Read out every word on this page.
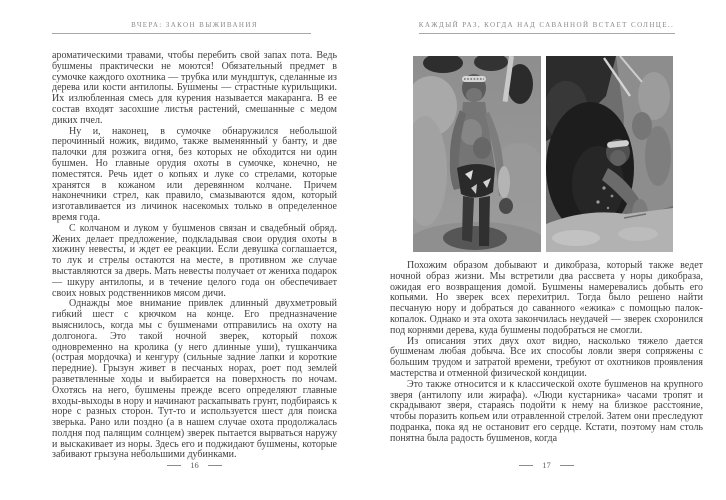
ВЧЕРА: ЗАКОН ВЫЖИВАНИЯ

ароматическими травами, чтобы перебить свой запах пота. Ведь бушмены практически не моются! Обязательный предмет в сумочке каждого охотника — трубка или мундштук, сделанные из дерева или кости антилопы. Бушмены — страстные курильщики. Их излюбленная смесь для курения называется макаранга. В ее состав входят засохшие листья растений, смешанные с медом диких пчел.

Ну и, наконец, в сумочке обнаружился небольшой перочинный ножик, видимо, также выменянный у банту, и две палочки для розжига огня, без которых не обходится ни один бушмен. Но главные орудия охоты в сумочке, конечно, не поместятся. Речь идет о копьях и луке со стрелами, которые хранятся в кожаном или деревянном колчане. Причем наконечники стрел, как правило, смазываются ядом, который изготавливается из личинок насекомых только в определенное время года.

С колчаном и луком у бушменов связан и свадебный обряд. Жених делает предложение, подкладывая свои орудия охоты в хижину невесты, и ждет ее реакции. Если девушка соглашается, то лук и стрелы остаются на месте, в противном же случае выставляются за дверь. Мать невесты получает от жениха подарок — шкуру антилопы, и в течение целого года он обеспечивает своих новых родственников мясом дичи.

Однажды мое внимание привлек длинный двухметровый гибкий шест с крючком на конце. Его предназначение выяснилось, когда мы с бушменами отправились на охоту на долгонога. Это такой ночной зверек, который похож одновременно на кролика (у него длинные уши), тушканчика (острая мордочка) и кенгуру (сильные задние лапки и короткие передние). Грызун живет в песчаных норах, роет под землей разветвленные ходы и выбирается на поверхность по ночам. Охотясь на него, бушмены прежде всего определяют главные входы-выходы в нору и начинают раскапывать грунт, подбираясь к норе с разных сторон. Тут-то и используется шест для поиска зверька. Рано или поздно (а в нашем случае охота продолжалась полдня под палящим солнцем) зверек пытается вырваться наружу и выскакивает из норы. Здесь его и поджидают бушмены, которые забивают грызуна небольшими дубинками.

16
КАЖДЫЙ РАЗ, КОГДА НАД САВАННОЙ ВСТАЕТ СОЛНЦЕ..

Похожим образом добывают и дикобраза, который также ведет ночной образ жизни. Мы встретили два рассвета у норы дикобраза, ожидая его возвращения домой. Бушмены намеревались добыть его копьями. Но зверек всех перехитрил. Тогда было решено найти песчаную нору и добраться до саванного «ежика» с помощью палок-копалок. Однако и эта охота закончилась неудачей — зверек схоронился под корнями дерева, куда бушмены подобраться не смогли.

Из описания этих двух охот видно, насколько тяжело дается бушменам любая добыча. Все их способы ловли зверя сопряжены с большим трудом и затратой времени, требуют от охотников проявления мастерства и отменной физической кондиции.

Это также относится и к классической охоте бушменов на крупного зверя (антилопу или жирафа). «Люди кустарника» часами тропят и скрадывают зверя, стараясь подойти к нему на близкое расстояние, чтобы поразить копьем или отравленной стрелой. Затем они преследуют подранка, пока яд не остановит его сердце. Кстати, поэтому нам столь понятна была радость бушменов, когда

17
